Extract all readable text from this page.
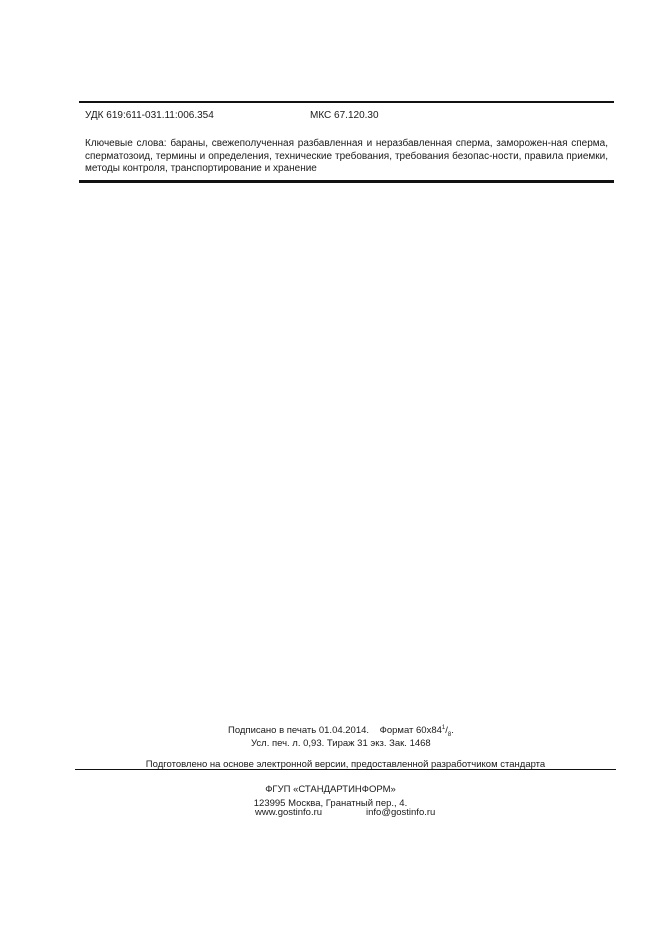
УДК 619:611-031.11:006.354	МКС 67.120.30
Ключевые слова: бараны, свежеполученная разбавленная и неразбавленная сперма, заморожен-ная сперма, сперматозоид, термины и определения, технические требования, требования безопас-ности, правила приемки, методы контроля, транспортирование и хранение
Подписано в печать 01.04.2014. Формат $60x84^1/_8$.
Усл. печ. л. 0,93. Тираж 31 экз. Зак. 1468
Подготовлено на основе электронной версии, предоставленной разработчиком стандарта
ФГУП «СТАНДАРТИНФОРМ»
123995 Москва, Гранатный пер., 4.
www.gostinfo.ru	info@gostinfo.ru
